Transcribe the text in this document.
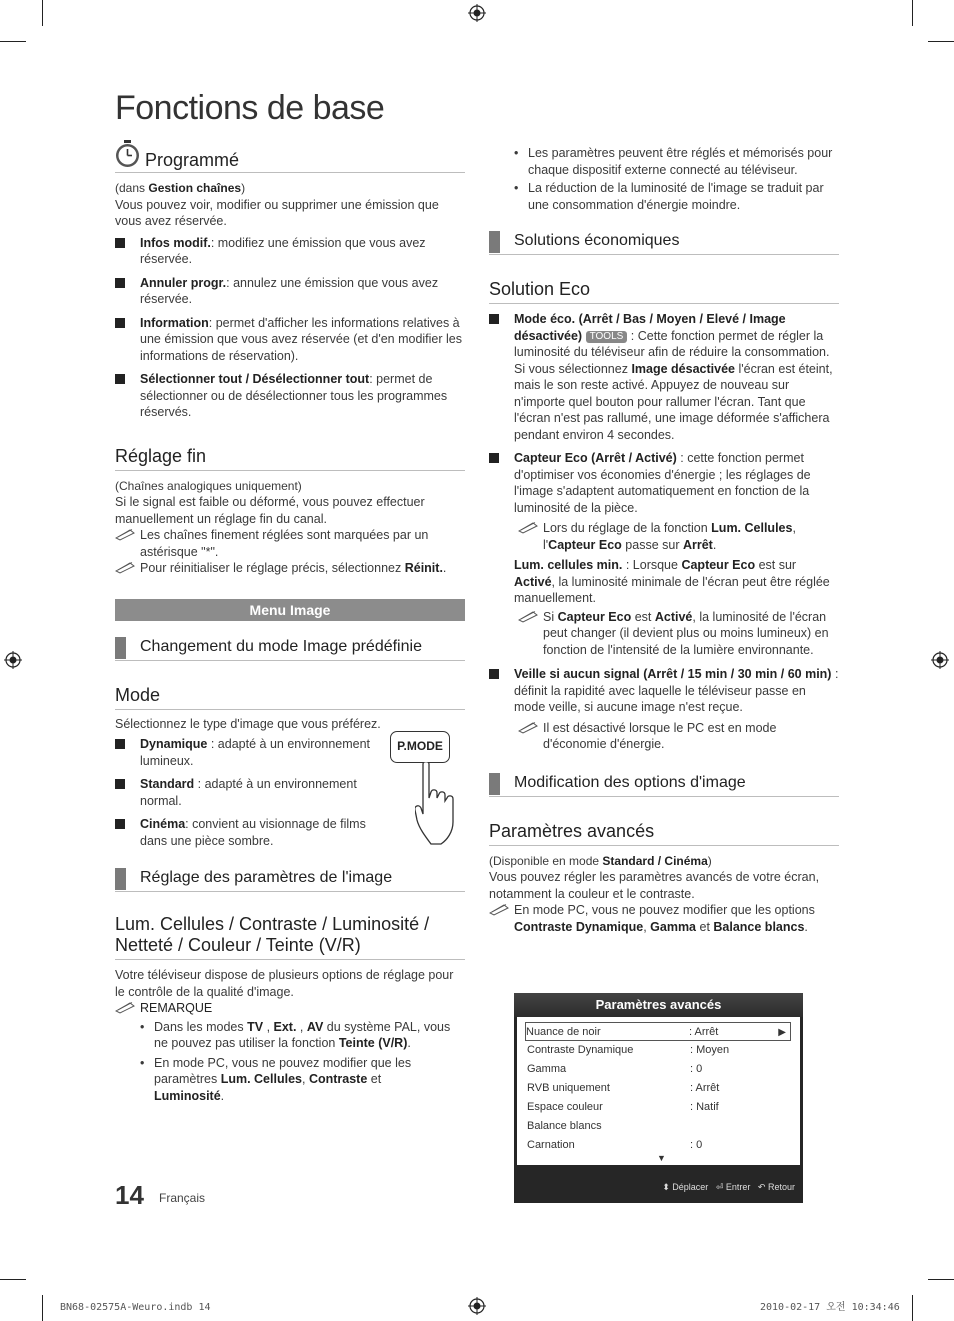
Fonctions de base
Programmé

(dans Gestion chaînes)

Vous pouvez voir, modifier ou supprimer une émission que vous avez réservée.

Infos modif.: modifiez une émission que vous avez réservée.
Annuler progr.: annulez une émission que vous avez réservée.
Information: permet d'afficher les informations relatives à une émission que vous avez réservée (et d'en modifier les informations de réservation).
Sélectionner tout / Désélectionner tout: permet de sélectionner ou de désélectionner tous les programmes réservés.
Réglage fin

(Chaînes analogiques uniquement)

Si le signal est faible ou déformé, vous pouvez effectuer manuellement un réglage fin du canal.

Les chaînes finement réglées sont marquées par un astérisque "*".
Pour réinitialiser le réglage précis, sélectionnez Réinit..
Menu Image
Changement du mode Image prédéfinie
Mode

Sélectionnez le type d'image que vous préférez.

Dynamique : adapté à un environnement lumineux.
Standard : adapté à un environnement normal.
Cinéma: convient au visionnage de films dans une pièce sombre.
P.MODE
Réglage des paramètres de l'image
Lum. Cellules / Contraste / Luminosité / Netteté / Couleur / Teinte (V/R)

Votre téléviseur dispose de plusieurs options de réglage pour le contrôle de la qualité d'image.

REMARQUE
• Dans les modes TV , Ext. , AV du système PAL, vous ne pouvez pas utiliser la fonction Teinte (V/R).
• En mode PC, vous ne pouvez modifier que les paramètres Lum. Cellules, Contraste et Luminosité.
14 Français
• Les paramètres peuvent être réglés et mémorisés pour chaque dispositif externe connecté au téléviseur.
• La réduction de la luminosité de l'image se traduit par une consommation d'énergie moindre.
Solutions économiques
Solution Eco
Mode éco. (Arrêt / Bas / Moyen / Elevé / Image désactivée) TOOLS : Cette fonction permet de régler la luminosité du téléviseur afin de réduire la consommation. Si vous sélectionnez Image désactivée l'écran est éteint, mais le son reste activé. Appuyez de nouveau sur n'importe quel bouton pour rallumer l'écran. Tant que l'écran n'est pas rallumé, une image déformée s'affichera pendant environ 4 secondes.
Capteur Eco (Arrêt / Activé) : cette fonction permet d'optimiser vos économies d'énergie ; les réglages de l'image s'adaptent automatiquement en fonction de la luminosité de la pièce.
Lors du réglage de la fonction Lum. Cellules, l'Capteur Eco passe sur Arrêt.

Lum. cellules min. : Lorsque Capteur Eco est sur Activé, la luminosité minimale de l'écran peut être réglée manuellement.

Si Capteur Eco est Activé, la luminosité de l'écran peut changer (il devient plus ou moins lumineux) en fonction de l'intensité de la lumière environnante.
Veille si aucun signal (Arrêt / 15 min / 30 min / 60 min) : définit la rapidité avec laquelle le téléviseur passe en mode veille, si aucune image n'est reçue.
Il est désactivé lorsque le PC est en mode d'économie d'énergie.
Modification des options d'image
Paramètres avancés

(Disponible en mode Standard / Cinéma)

Vous pouvez régler les paramètres avancés de votre écran, notamment la couleur et le contraste.

En mode PC, vous ne pouvez modifier que les options Contraste Dynamique, Gamma et Balance blancs.
Paramètres avancés
Nuance de noir	: Arrêt	▶
Contraste Dynamique	: Moyen
Gamma	: 0
RVB uniquement	: Arrêt
Espace couleur	: Natif
Balance blancs
Carnation	: 0
▼
⬍ Déplacer ⏎ Entrer ↶ Retour
BN68-02575A-Weuro.indb 14	2010-02-17 오전 10:34:46
